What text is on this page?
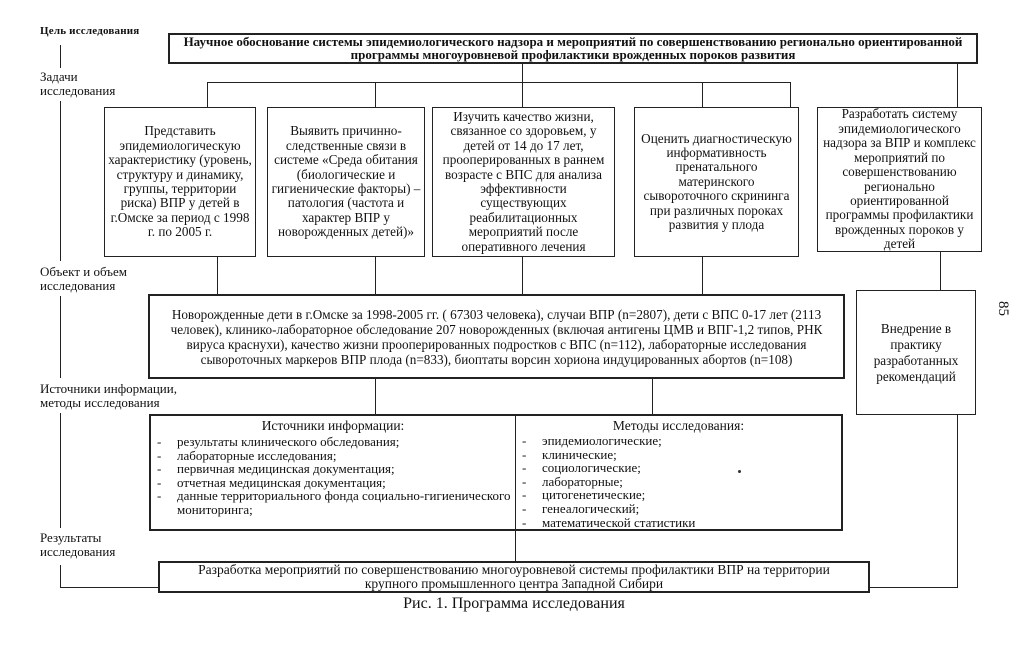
Цель исследования
Задачи
исследования
Объект и объем
исследования
Источники информации,
методы исследования
Результаты
исследования
Научное обоснование системы эпидемиологического надзора и мероприятий по совершенствованию регионально ориентированной программы многоуровневой профилактики врожденных пороков развития
Представить эпидемиологическую характеристику (уровень, структуру и динамику, группы, территории риска) ВПР у детей в г.Омске за период с 1998 г. по 2005 г.
Выявить причинно-следственные связи в системе «Среда обитания (биологические и гигиенические факторы) – патология (частота и характер ВПР у новорожденных детей)»
Изучить качество жизни, связанное со здоровьем, у детей от 14 до 17 лет, прооперированных в раннем возрасте с ВПС для анализа эффективности существующих реабилитационных мероприятий после оперативного лечения
Оценить диагностическую информативность пренатального материнского сывороточного скрининга при различных пороках развития у плода
Разработать систему эпидемиологического надзора за ВПР и комплекс мероприятий по совершенствованию регионально ориентированной программы профилактики врожденных пороков у детей
Новорожденные дети в г.Омске за 1998-2005 гг. ( 67303 человека), случаи ВПР (n=2807), дети с ВПС 0-17 лет (2113 человек), клинико-лабораторное обследование 207 новорожденных (включая антигены ЦМВ и ВПГ-1,2 типов, РНК вируса краснухи), качество жизни прооперированных подростков с ВПС (n=112), лабораторные исследования сывороточных маркеров ВПР плода (n=833), биоптаты ворсин хориона индуцированных абортов (n=108)
Внедрение в практику разработанных рекомендаций
Источники информации:
- результаты клинического обследования;
- лабораторные исследования;
- первичная медицинская документация;
- отчетная медицинская документация;
- данные территориального фонда социально-гигиенического мониторинга;
Методы исследования:
- эпидемиологические;
- клинические;
- социологические;
- лабораторные;
- цитогенетические;
- генеалогический;
- математической статистики
Разработка мероприятий по совершенствованию многоуровневой системы профилактики ВПР на территории крупного промышленного центра Западной Сибири
Рис. 1. Программа исследования
85
